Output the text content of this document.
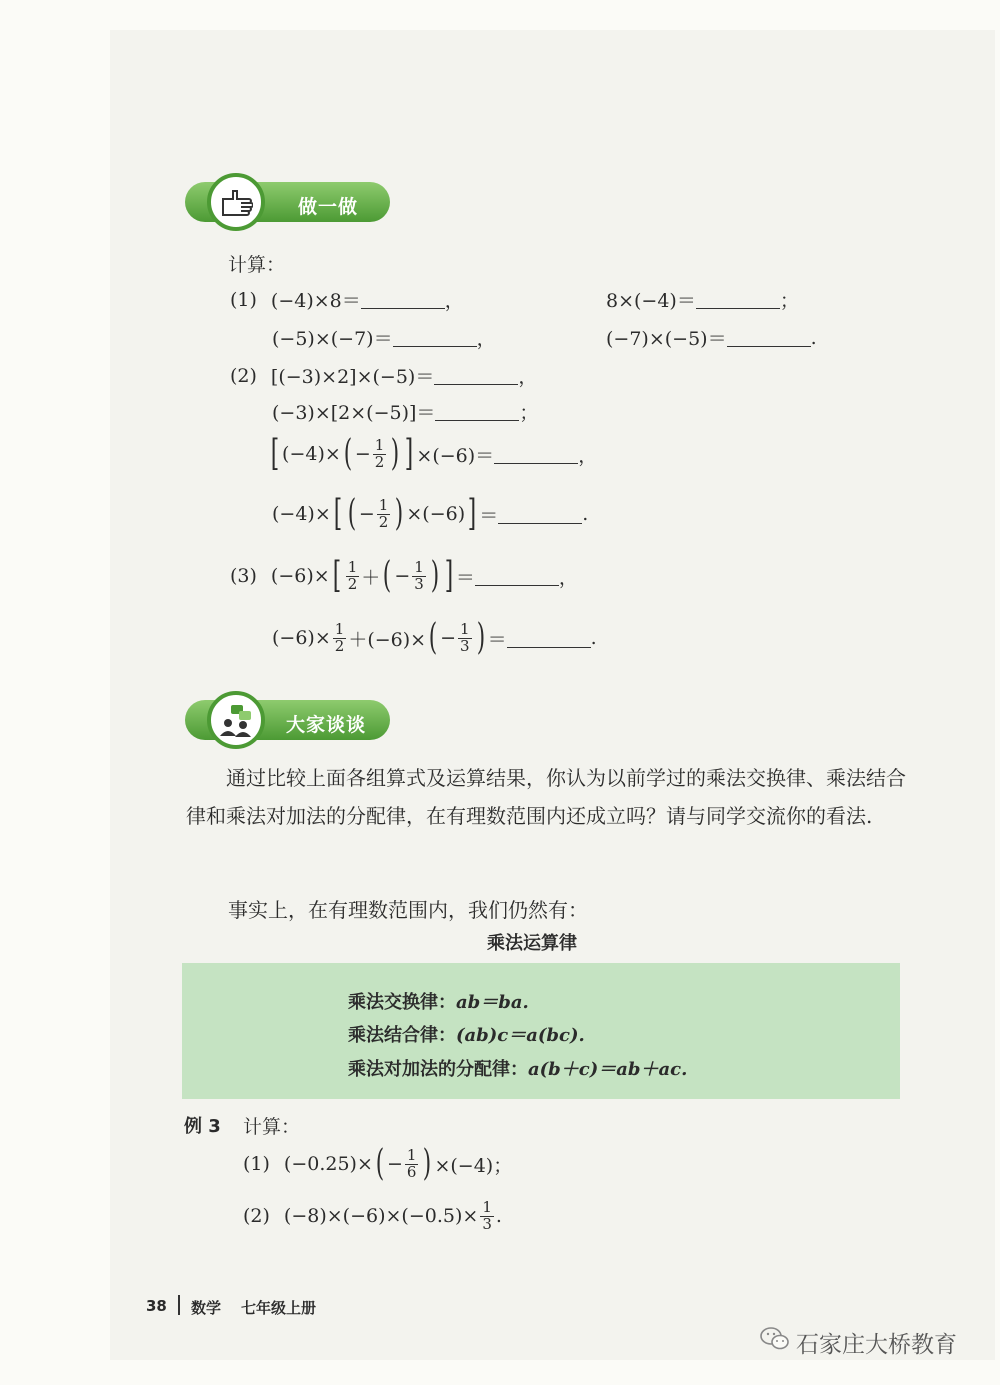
做一做
计算：
(1) (−4)×8＝	，	8×(−4)＝	；
(−5)×(−7)＝	，	(−7)×(−5)＝	.
(2) [(−3)×2]×(−5)＝	，
(−3)×[2×(−5)]＝	；
[ (−4)× ( − $\frac{1}{2}$ ) ] ×(−6)＝	，
(−4)× [ ( − $\frac{1}{2}$ ) ×(−6) ] ＝	.
(3) (−6)× [ $\frac{1}{2}$ ＋ ( − $\frac{1}{3}$ ) ] ＝	，
$(-6)\times \frac{1}{2} +(-6)\times$ ( − $\frac{1}{3}$ ) ＝	.
大家谈谈
通过比较上面各组算式及运算结果，你认为以前学过的乘法交换律、乘法结合律和乘法对加法的分配律，在有理数范围内还成立吗？请与同学交流你的看法.
事实上，在有理数范围内，我们仍然有：
乘法运算律
乘法交换律：ab＝ba.
乘法结合律：(ab)c＝a(bc).
乘法对加法的分配律：a(b＋c)＝ab＋ac.
例 3 计算：
(1) (−0.25)× ( − $\frac{1}{6}$ ) ×(−4)；
(2) $(-8)\times(-6)\times(-0.5)\times \frac{1}{3}$ .
38 数学 七年级上册
石家庄大桥教育
